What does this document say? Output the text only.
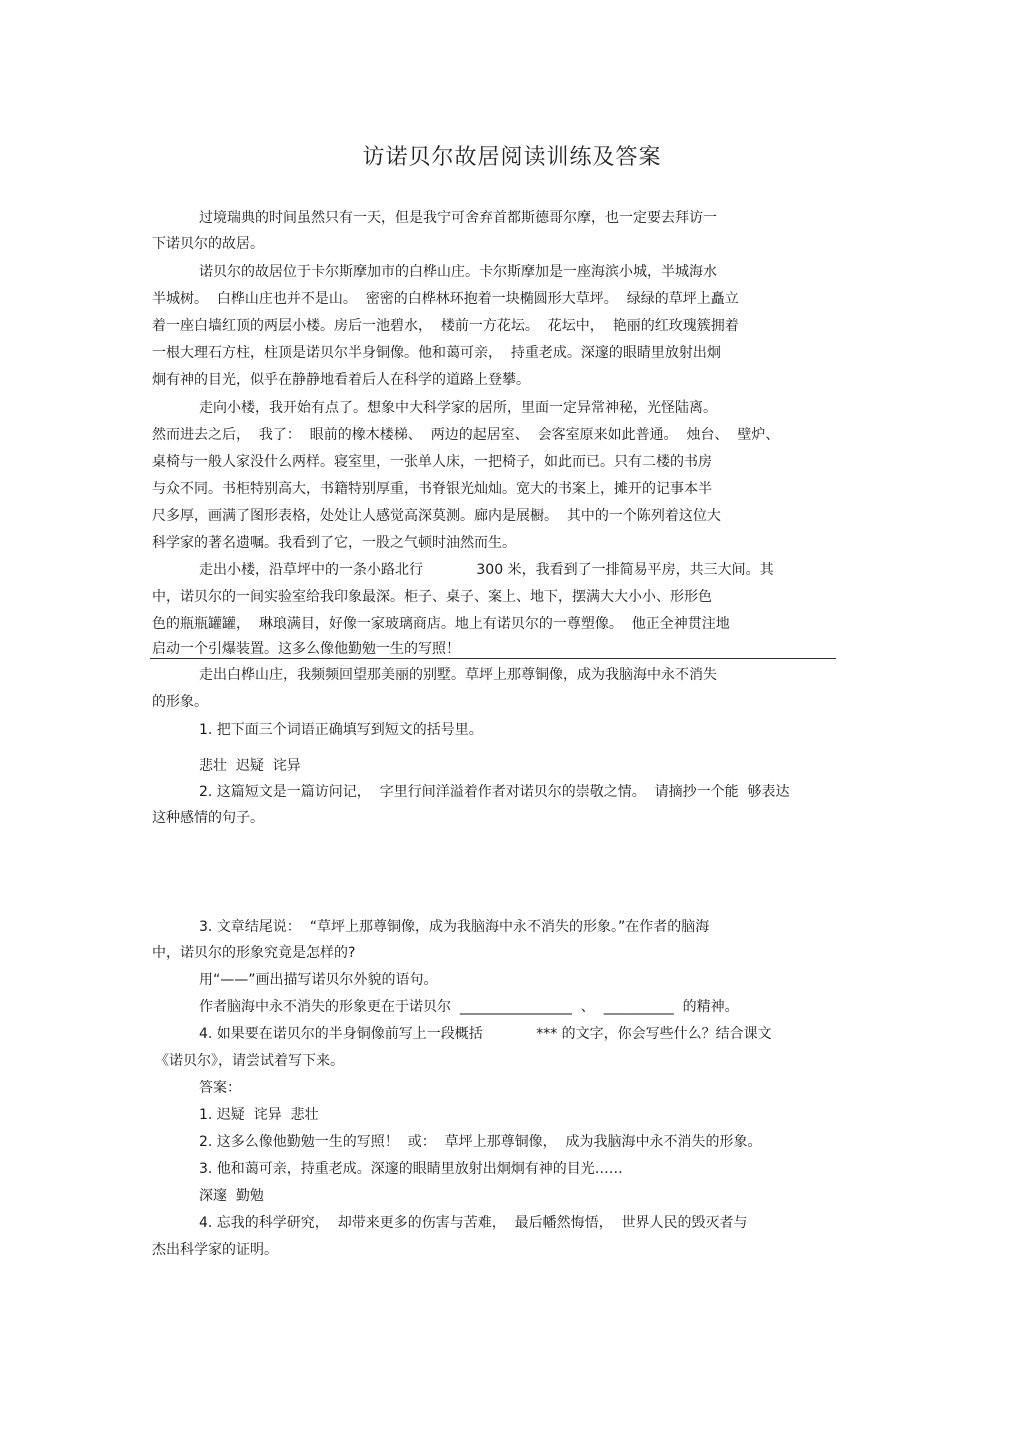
访诺贝尔故居阅读训练及答案
过境瑞典的时间虽然只有一天，但是我宁可舍弃首都斯德哥尔摩，也一定要去拜访一
下诺贝尔的故居。
诺贝尔的故居位于卡尔斯摩加市的白桦山庄。卡尔斯摩加是一座海滨小城，半城海水
半城树。  白桦山庄也并不是山。  密密的白桦林环抱着一块椭圆形大草坪。  绿绿的草坪上矗立
着一座白墙红顶的两层小楼。房后一池碧水，  楼前一方花坛。  花坛中，  艳丽的红玫瑰簇拥着
一根大理石方柱，柱顶是诺贝尔半身铜像。他和蔼可亲，  持重老成。深邃的眼睛里放射出炯
炯有神的目光，似乎在静静地看着后人在科学的道路上登攀。
走向小楼，我开始有点了。想象中大科学家的居所，里面一定异常神秘，光怪陆离。
然而进去之后，  我了：  眼前的橡木楼梯、  两边的起居室、  会客室原来如此普通。  烛台、  壁炉、
桌椅与一般人家没什么两样。寝室里，一张单人床，一把椅子，如此而已。只有二楼的书房
与众不同。书柜特别高大，书籍特别厚重，书脊银光灿灿。宽大的书案上，摊开的记事本半
尺多厚，画满了图形表格，处处让人感觉高深莫测。廊内是展橱。  其中的一个陈列着这位大
科学家的著名遗嘱。我看到了它，一股之气顿时油然而生。
走出小楼，沿草坪中的一条小路北行            300 米，我看到了一排简易平房，共三大间。其
中，诺贝尔的一间实验室给我印象最深。柜子、桌子、案上、地下，摆满大大小小、形形色
色的瓶瓶罐罐，  琳琅满目，好像一家玻璃商店。地上有诺贝尔的一尊塑像。  他正全神贯注地
启动一个引爆装置。这多么像他勤勉一生的写照！
走出白桦山庄，我频频回望那美丽的别墅。草坪上那尊铜像，成为我脑海中永不消失
的形象。
1. 把下面三个词语正确填写到短文的括号里。
悲壮  迟疑  诧异
2. 这篇短文是一篇访问记，  字里行间洋溢着作者对诺贝尔的崇敬之情。  请摘抄一个能  够表达
这种感情的句子。
3. 文章结尾说：  “草坪上那尊铜像，成为我脑海中永不消失的形象。”在作者的脑海
中，诺贝尔的形象究竟是怎样的?
用“——”画出描写诺贝尔外貌的语句。
作者脑海中永不消失的形象更在于诺贝尔  ________________  、  __________  的精神。
4. 如果要在诺贝尔的半身铜像前写上一段概括            *** 的文字，你会写些什么？结合课文
《诺贝尔》，请尝试着写下来。
答案：
1. 迟疑  诧异  悲壮
2. 这多么像他勤勉一生的写照！  或：  草坪上那尊铜像，  成为我脑海中永不消失的形象。
3. 他和蔼可亲，持重老成。深邃的眼睛里放射出炯炯有神的目光……
深邃  勤勉
4. 忘我的科学研究，  却带来更多的伤害与苦难，  最后幡然悔悟，  世界人民的毁灭者与
杰出科学家的证明。
